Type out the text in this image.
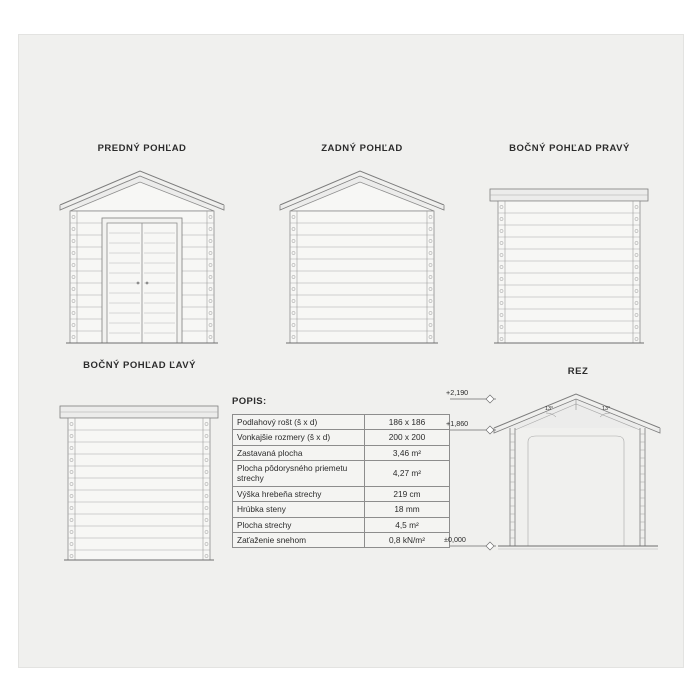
PREDNÝ POHĽAD	ZADNÝ POHĽAD	BOČNÝ POHĽAD PRAVÝ
BOČNÝ POHĽAD ĽAVÝ
POPIS:
Podlahový rošt (š x d)	186 x 186
Vonkajšie rozmery (š x d)	200 x 200
Zastavaná plocha	3,46 m²
Plocha pôdorysného priemetu strechy	4,27 m²
Výška hrebeňa strechy	219 cm
Hrúbka steny	18 mm
Plocha strechy	4,5 m²
Zaťaženie snehom	0,8 kN/m²
REZ
13°	13°
+2,190
+1,860
±0,000
